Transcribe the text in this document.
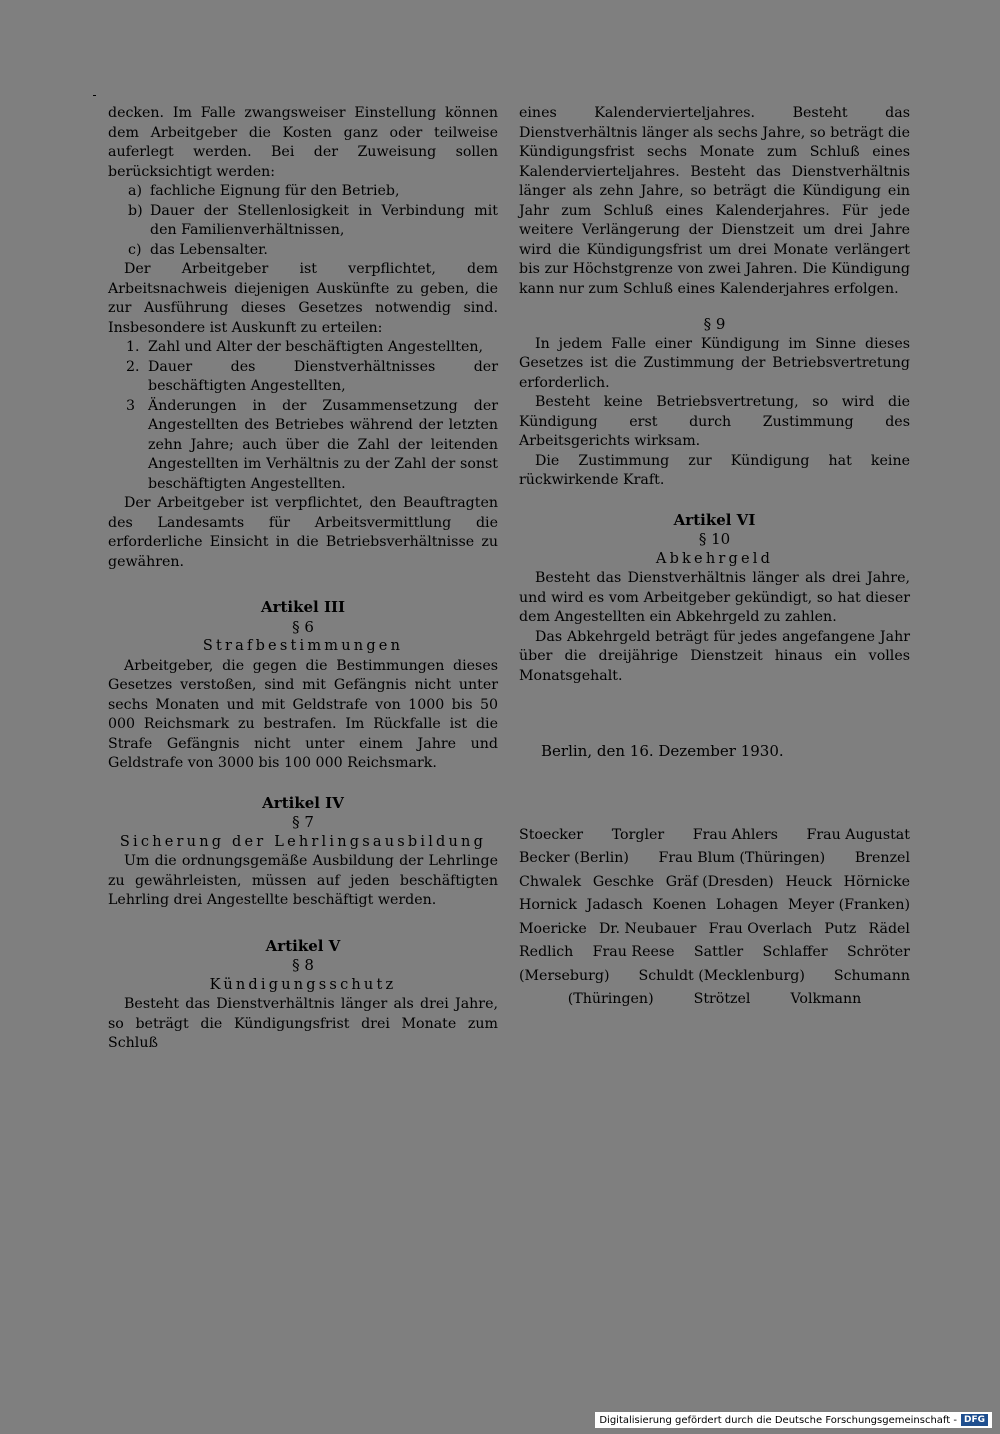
decken. Im Falle zwangsweiser Einstellung können dem Arbeitgeber die Kosten ganz oder teilweise auferlegt werden. Bei der Zuweisung sollen berücksichtigt werden:

a) fachliche Eignung für den Betrieb,
b) Dauer der Stellenlosigkeit in Verbindung mit den Familienverhältnissen,
c) das Lebensalter.

Der Arbeitgeber ist verpflichtet, dem Arbeitsnachweis diejenigen Auskünfte zu geben, die zur Ausführung dieses Gesetzes notwendig sind. Insbesondere ist Auskunft zu erteilen:

1. Zahl und Alter der beschäftigten Angestellten,
2. Dauer des Dienstverhältnisses der beschäftigten Angestellten,
3 Änderungen in der Zusammensetzung der Angestellten des Betriebes während der letzten zehn Jahre; auch über die Zahl der leitenden Angestellten im Verhältnis zu der Zahl der sonst beschäftigten Angestellten.

Der Arbeitgeber ist verpflichtet, den Beauftragten des Landesamts für Arbeitsvermittlung die erforderliche Einsicht in die Betriebsverhältnisse zu gewähren.

Artikel III
§ 6
Strafbestimmungen

Arbeitgeber, die gegen die Bestimmungen dieses Gesetzes verstoßen, sind mit Gefängnis nicht unter sechs Monaten und mit Geldstrafe von 1000 bis 50 000 Reichsmark zu bestrafen. Im Rückfalle ist die Strafe Gefängnis nicht unter einem Jahre und Geldstrafe von 3000 bis 100 000 Reichsmark.

Artikel IV
§ 7
Sicherung der Lehrlingsausbildung

Um die ordnungsgemäße Ausbildung der Lehrlinge zu gewährleisten, müssen auf jeden beschäftigten Lehrling drei Angestellte beschäftigt werden.

Artikel V
§ 8
Kündigungsschutz

Besteht das Dienstverhältnis länger als drei Jahre, so beträgt die Kündigungsfrist drei Monate zum Schluß

eines Kalendervierteljahres. Besteht das Dienstverhältnis länger als sechs Jahre, so beträgt die Kündigungsfrist sechs Monate zum Schluß eines Kalendervierteljahres. Besteht das Dienstverhältnis länger als zehn Jahre, so beträgt die Kündigung ein Jahr zum Schluß eines Kalenderjahres. Für jede weitere Verlängerung der Dienstzeit um drei Jahre wird die Kündigungsfrist um drei Monate verlängert bis zur Höchstgrenze von zwei Jahren. Die Kündigung kann nur zum Schluß eines Kalenderjahres erfolgen.

§ 9

In jedem Falle einer Kündigung im Sinne dieses Gesetzes ist die Zustimmung der Betriebsvertretung erforderlich.

Besteht keine Betriebsvertretung, so wird die Kündigung erst durch Zustimmung des Arbeitsgerichts wirksam.

Die Zustimmung zur Kündigung hat keine rückwirkende Kraft.

Artikel VI
§ 10
Abkehrgeld

Besteht das Dienstverhältnis länger als drei Jahre, und wird es vom Arbeitgeber gekündigt, so hat dieser dem Angestellten ein Abkehrgeld zu zahlen.

Das Abkehrgeld beträgt für jedes angefangene Jahr über die dreijährige Dienstzeit hinaus ein volles Monatsgehalt.

Berlin, den 16. Dezember 1930.
Stoecker Torgler Frau Ahlers Frau Augustat
Becker (Berlin) Frau Blum (Thüringen) Brenzel
Chwalek Geschke Gräf (Dresden) Heuck Hörnicke
Hornick Jadasch Koenen Lohagen Meyer (Franken)
Moericke Dr. Neubauer Frau Overlach Putz Rädel
Redlich Frau Reese Sattler Schlaffer Schröter
(Merseburg) Schuldt (Mecklenburg) Schumann
(Thüringen)	Strötzel	Volkmann
Digitalisierung gefördert durch die Deutsche Forschungsgemeinschaft - DFG
